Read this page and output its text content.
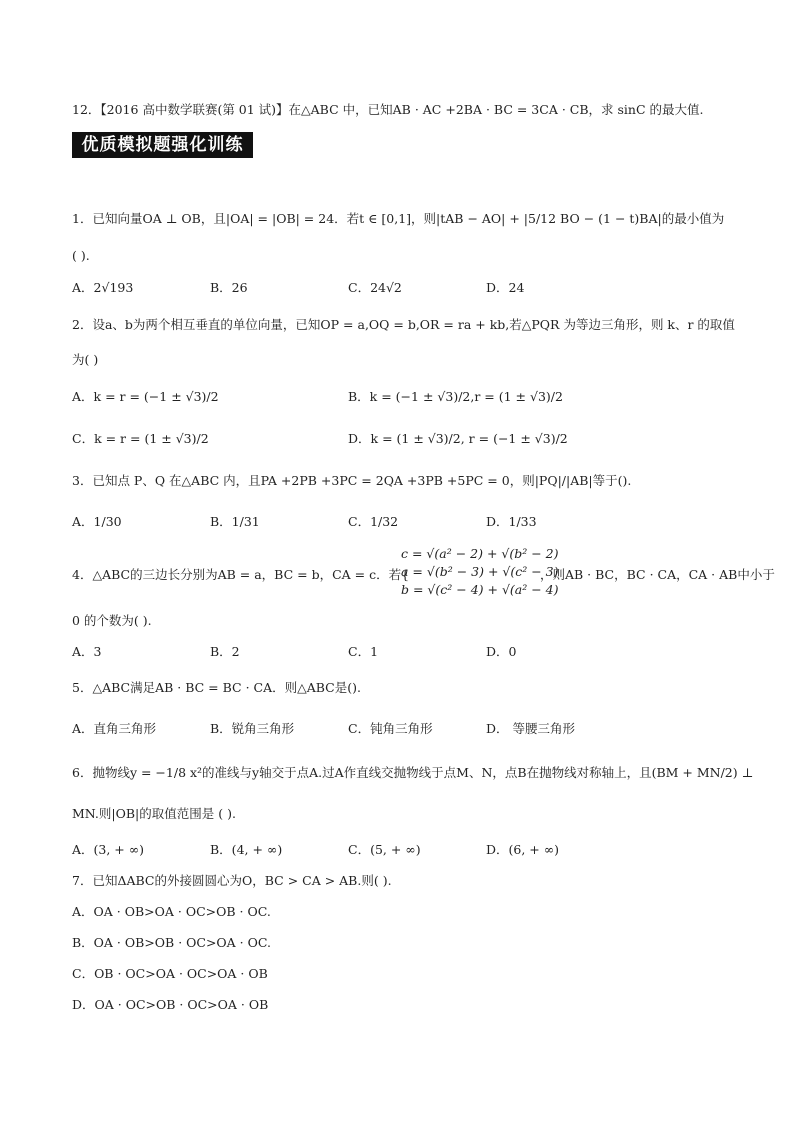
12．【2016 高中数学联赛(第 01 试)】在△ABC 中，已知AB · AC +2BA · BC = 3CA · CB，求 sinC 的最大值.
优质模拟题强化训练
1．已知向量OA ⊥ OB，且|OA| = |OB| = 24．若t ∈ [0,1]，则|tAB − AO| + |5/12 BO − (1 − t)BA|的最小值为
( ).
A．2√193	B．26	C．24√2	D．24
2．设a、b为两个相互垂直的单位向量，已知OP = a,OQ = b,OR = ra + kb,若△PQR 为等边三角形，则 k、r 的取值
为( )
A．k = r = (−1 ± √3)/2	B．k = (−1 ± √3)/2,r = (1 ± √3)/2
C．k = r = (1 ± √3)/2	D．k = (1 ± √3)/2, r = (−1 ± √3)/2
3．已知点 P、Q 在△ABC 内，且PA +2PB +3PC = 2QA +3PB +5PC = 0，则|PQ|/|AB|等于().
A．1/30	B．1/31	C．1/32	D．1/33
4．△ABC的三边长分别为AB = a，BC = b，CA = c．若{
c = √(a² − 2) + √(b² − 2)
a = √(b² − 3) + √(c² − 3)
b = √(c² − 4) + √(a² − 4)
，则AB · BC，BC · CA，CA · AB中小于
0 的个数为( ).
A．3	B．2	C．1	D．0
5．△ABC满足AB · BC = BC · CA．则△ABC是().
A．直角三角形	B．锐角三角形	C．钝角三角形	D． 等腰三角形
6．抛物线y = −1/8 x²的准线与y轴交于点A.过A作直线交抛物线于点M、N，点B在抛物线对称轴上，且(BM + MN/2) ⊥
MN.则|OB|的取值范围是 ( ).
A．(3, + ∞)	B．(4, + ∞)	C．(5, + ∞)	D．(6, + ∞)
7．已知ΔABC的外接圆圆心为O，BC > CA > AB.则( ).
A．OA · OB>OA · OC>OB · OC.
B．OA · OB>OB · OC>OA · OC.
C．OB · OC>OA · OC>OA · OB
D．OA · OC>OB · OC>OA · OB
